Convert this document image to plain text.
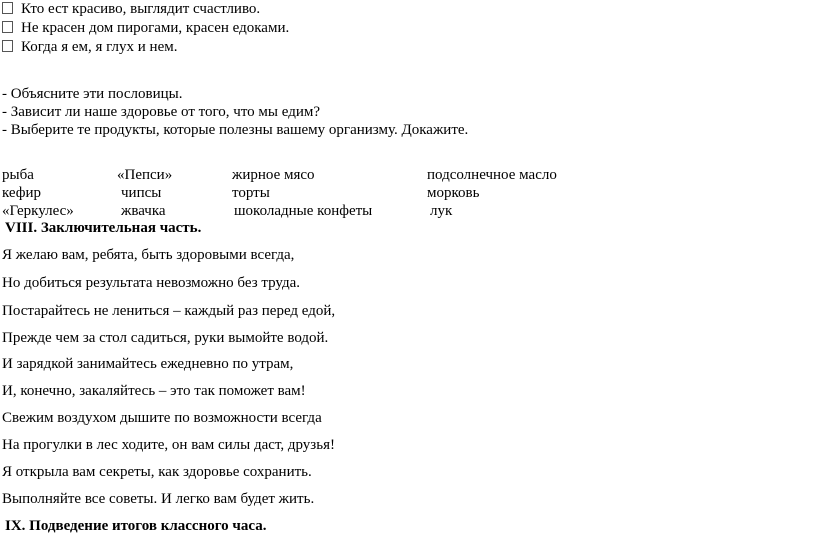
Кто ест красиво, выглядит счастливо.
Не красен дом пирогами, красен едоками.
Когда я ем, я глух и нем.
- Объясните эти пословицы.
- Зависит ли наше здоровье от того, что мы едим?
- Выберите те продукты, которые полезны вашему организму. Докажите.
рыба	«Пепси»	жирное мясо	подсолнечное масло
кефир	чипсы	торты	морковь
«Геркулес»	жвачка	шоколадные конфеты	лук
VIII. Заключительная часть.
Я желаю вам, ребята, быть здоровыми всегда,
Но добиться результата невозможно без труда.
Постарайтесь не лениться – каждый раз перед едой,
Прежде чем за стол садиться, руки вымойте водой.
И зарядкой занимайтесь ежедневно по утрам,
И, конечно, закаляйтесь – это так поможет вам!
Свежим воздухом дышите по возможности всегда
На прогулки в лес ходите, он вам силы даст, друзья!
Я открыла вам секреты, как здоровье сохранить.
Выполняйте все советы. И легко вам будет жить.
IX. Подведение итогов классного часа.
